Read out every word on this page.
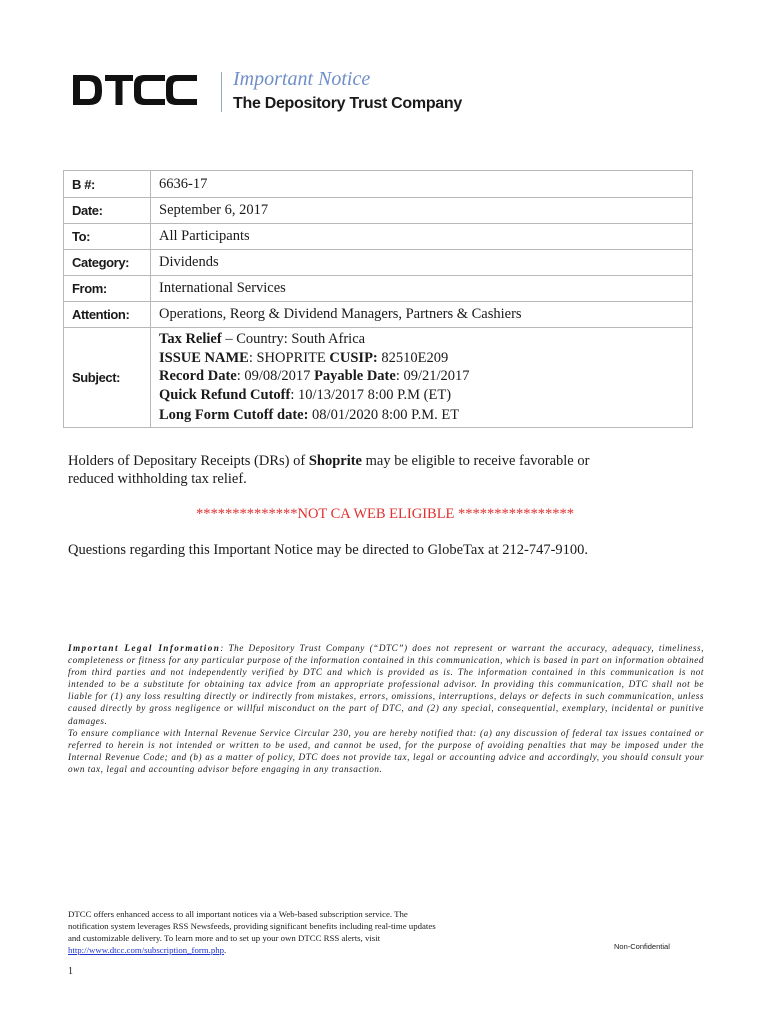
Important Notice
The Depository Trust Company
B #:	6636-17
Date:	September 6, 2017
To:	All Participants
Category:	Dividends
From:	International Services
Attention:	Operations, Reorg & Dividend Managers, Partners & Cashiers
Subject:	Tax Relief – Country: South Africa
ISSUE NAME: SHOPRITE CUSIP: 82510E209
Record Date: 09/08/2017 Payable Date: 09/21/2017
Quick Refund Cutoff: 10/13/2017 8:00 P.M (ET)
Long Form Cutoff date: 08/01/2020 8:00 P.M. ET
Holders of Depositary Receipts (DRs) of Shoprite may be eligible to receive favorable or reduced withholding tax relief.
**************NOT CA WEB ELIGIBLE ****************
Questions regarding this Important Notice may be directed to GlobeTax at 212-747-9100.
Important Legal Information: The Depository Trust Company (“DTC”) does not represent or warrant the accuracy, adequacy, timeliness, completeness or fitness for any particular purpose of the information contained in this communication, which is based in part on information obtained from third parties and not independently verified by DTC and which is provided as is. The information contained in this communication is not intended to be a substitute for obtaining tax advice from an appropriate professional advisor. In providing this communication, DTC shall not be liable for (1) any loss resulting directly or indirectly from mistakes, errors, omissions, interruptions, delays or defects in such communication, unless caused directly by gross negligence or willful misconduct on the part of DTC, and (2) any special, consequential, exemplary, incidental or punitive damages.
To ensure compliance with Internal Revenue Service Circular 230, you are hereby notified that: (a) any discussion of federal tax issues contained or referred to herein is not intended or written to be used, and cannot be used, for the purpose of avoiding penalties that may be imposed under the Internal Revenue Code; and (b) as a matter of policy, DTC does not provide tax, legal or accounting advice and accordingly, you should consult your own tax, legal and accounting advisor before engaging in any transaction.
DTCC offers enhanced access to all important notices via a Web-based subscription service. The notification system leverages RSS Newsfeeds, providing significant benefits including real-time updates and customizable delivery. To learn more and to set up your own DTCC RSS alerts, visit http://www.dtcc.com/subscription_form.php.	Non-Confidential
1
